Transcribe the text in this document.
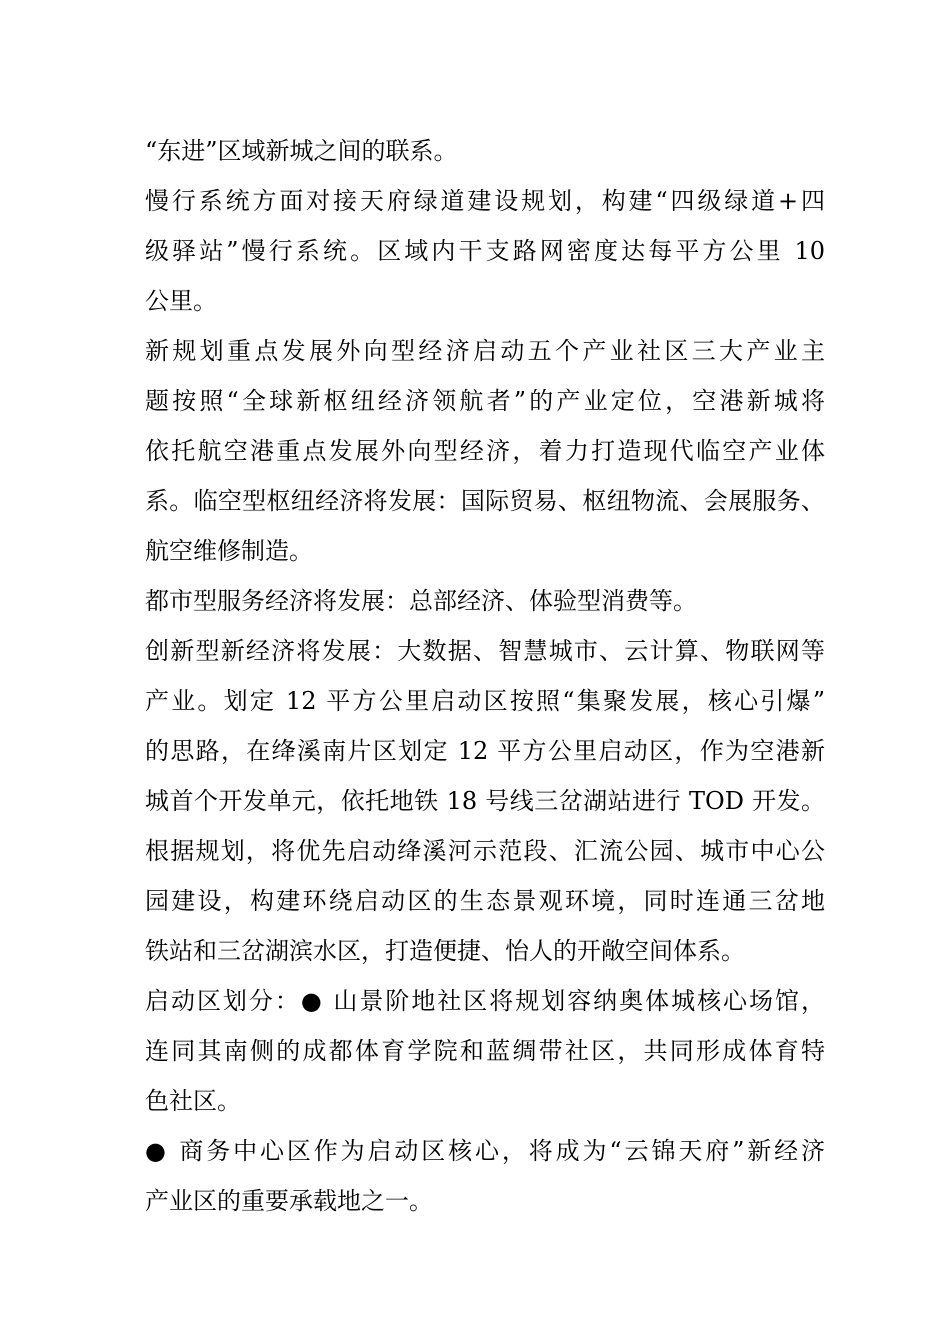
“东进”区域新城之间的联系。
慢行系统方面对接天府绿道建设规划，构建“四级绿道+四
级驿站”慢行系统。区域内干支路网密度达每平方公里 10
公里。
新规划重点发展外向型经济启动五个产业社区三大产业主
题按照“全球新枢纽经济领航者”的产业定位，空港新城将
依托航空港重点发展外向型经济，着力打造现代临空产业体
系。临空型枢纽经济将发展：国际贸易、枢纽物流、会展服务、
航空维修制造。
都市型服务经济将发展：总部经济、体验型消费等。
创新型新经济将发展：大数据、智慧城市、云计算、物联网等
产业。划定 12 平方公里启动区按照“集聚发展，核心引爆”
的思路，在绛溪南片区划定 12 平方公里启动区，作为空港新
城首个开发单元，依托地铁 18 号线三岔湖站进行 TOD 开发。
根据规划，将优先启动绛溪河示范段、汇流公园、城市中心公
园建设，构建环绕启动区的生态景观环境，同时连通三岔地
铁站和三岔湖滨水区，打造便捷、怡人的开敞空间体系。
启动区划分：● 山景阶地社区将规划容纳奥体城核心场馆，
连同其南侧的成都体育学院和蓝绸带社区，共同形成体育特
色社区。
● 商务中心区作为启动区核心，将成为“云锦天府”新经济
产业区的重要承载地之一。
